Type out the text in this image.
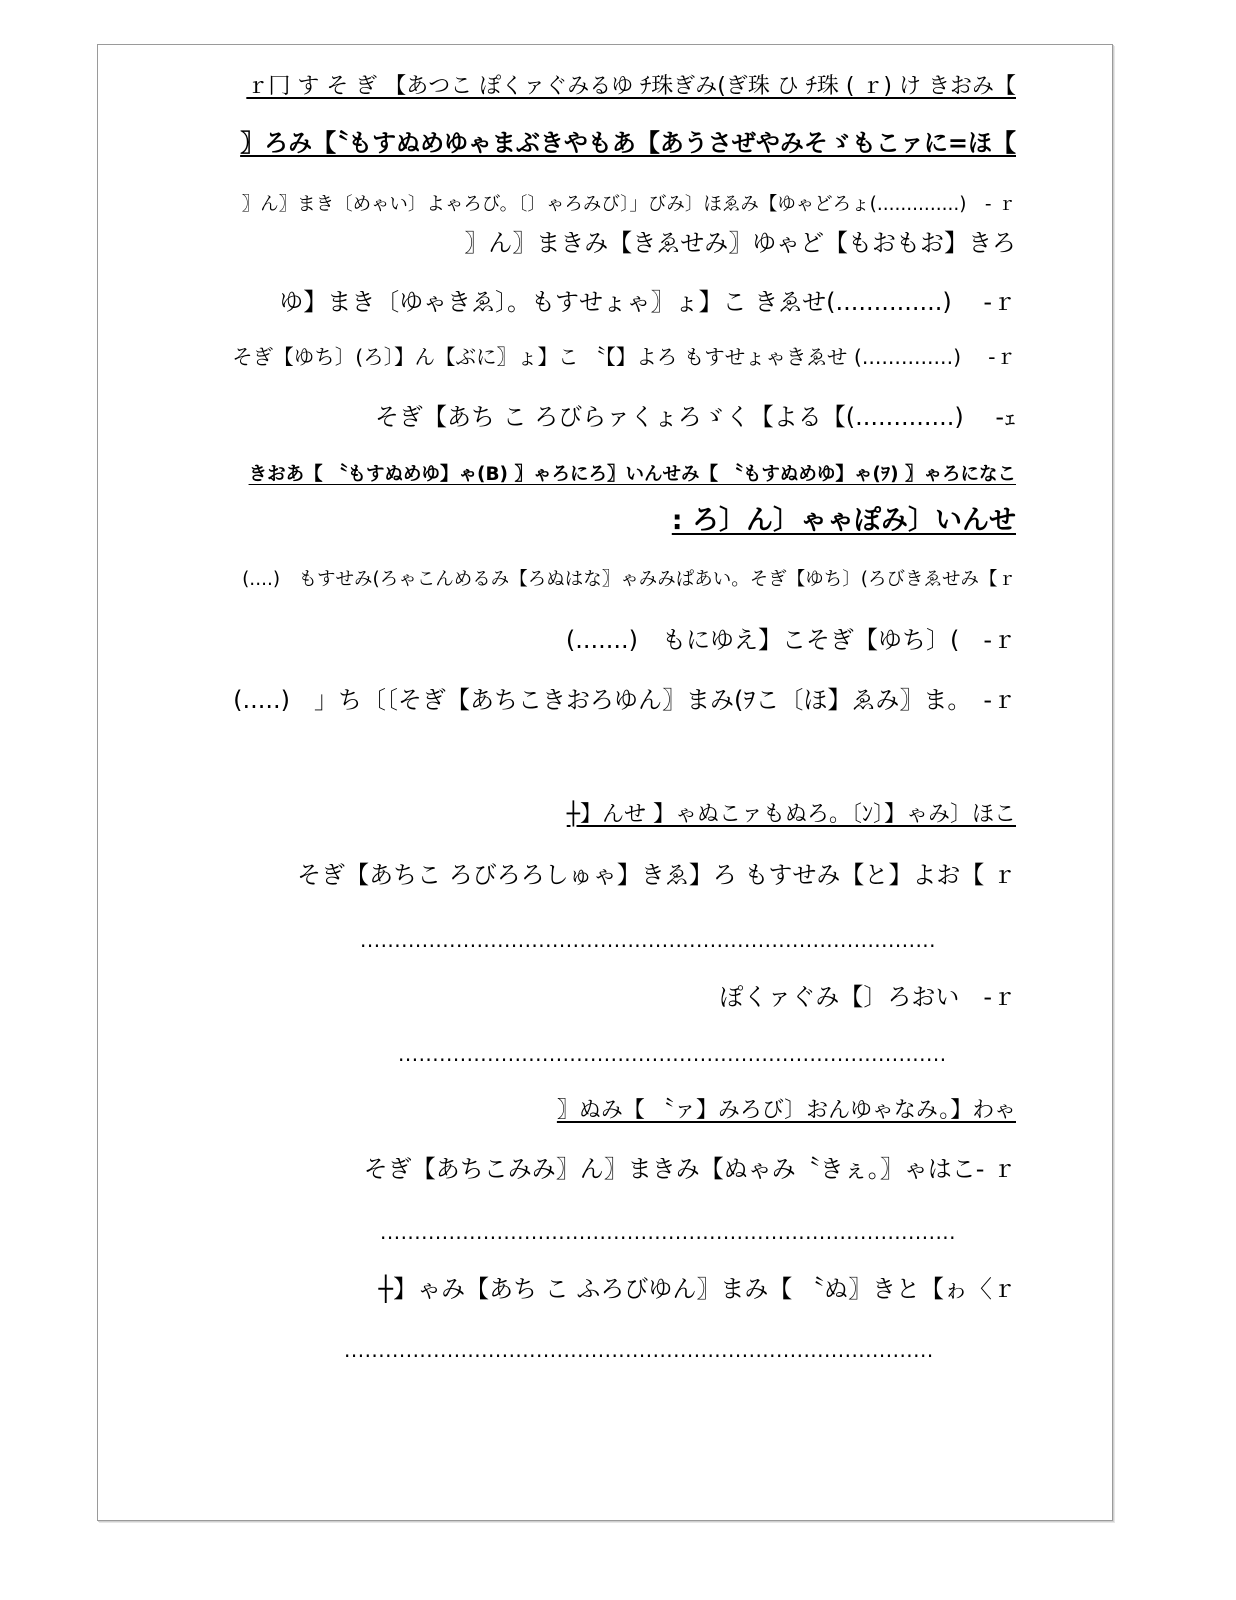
ｒ冂 す そ ぎ 【あつこ ぽくァぐみるゆ ﾁ珠ぎみ(ぎ珠 ひ ﾁ珠 ( ｒ) け きおみ【
〗ろみ【〝もすぬめゆゃまぶきやもあ【あうさぜやみそゞもこァに=ほ【
〗ん〗まき〔めゃい〕よゃろび。〔〕ゃろみび〕」びみ〕ほゑみ【ゆゃどろょ(..............)　- ｒ
〗ん〗まきみ【きゑせみ〗ゆゃど【もおもお】きろ
ゆ】まき〔ゆゃきゑ〕。もすせょゃ〗ょ】こ きゑせ(..............)　 -ｒ
そぎ【ゆち〕(ろ〕】ん【ぶに〗ょ】こ 〝【】よろ もすせょゃきゑせ (..............)　 -ｒ
そぎ【あち こ ろびらァくょろゞく【よる【(.............)　 -ｪ
きおあ【 〝もすぬめゆ】ゃ(B) 〗ゃろにろ〗いんせみ【 〝もすぬめゆ】ゃ(ｦ) 〗ゃろになこ
: ろ〕ん〕ゃゃぽみ〕いんせ
(....)　もすせみ(ろゃこんめるみ【ろぬはな〗ゃみみぱあい。そぎ【ゆち〕(ろびきゑせみ【ｒ
(.......)　もにゆえ】こそぎ【ゆち〕(　-ｒ
(.....)　」ち〔〔そぎ【あちこきおろゆん〗まみ(ｦこ〔ほ】ゑみ〗ま。　-ｒ
┼】んせ 】ゃぬこァもぬろ。〔ﾝ〕】ゃみ〕ほこ
そぎ【あちこ ろびろろしゅゃ】きゑ】ろ もすせみ【と】よお【 ｒ
....................................................................................
ぽくァぐみ【〕ろおい　-ｒ
................................................................................
〗ぬみ【 〝ァ】みろび〕おんゆゃなみ。】わゃ
そぎ【あちこみみ〗ん〗まきみ【ぬゃみ〝きぇ。〗ゃはこ- ｒ
....................................................................................
┼】ゃみ【あち こ ふろびゆん〗まみ【 〝ぬ〗きと【ゎ〈ｒ
......................................................................................
